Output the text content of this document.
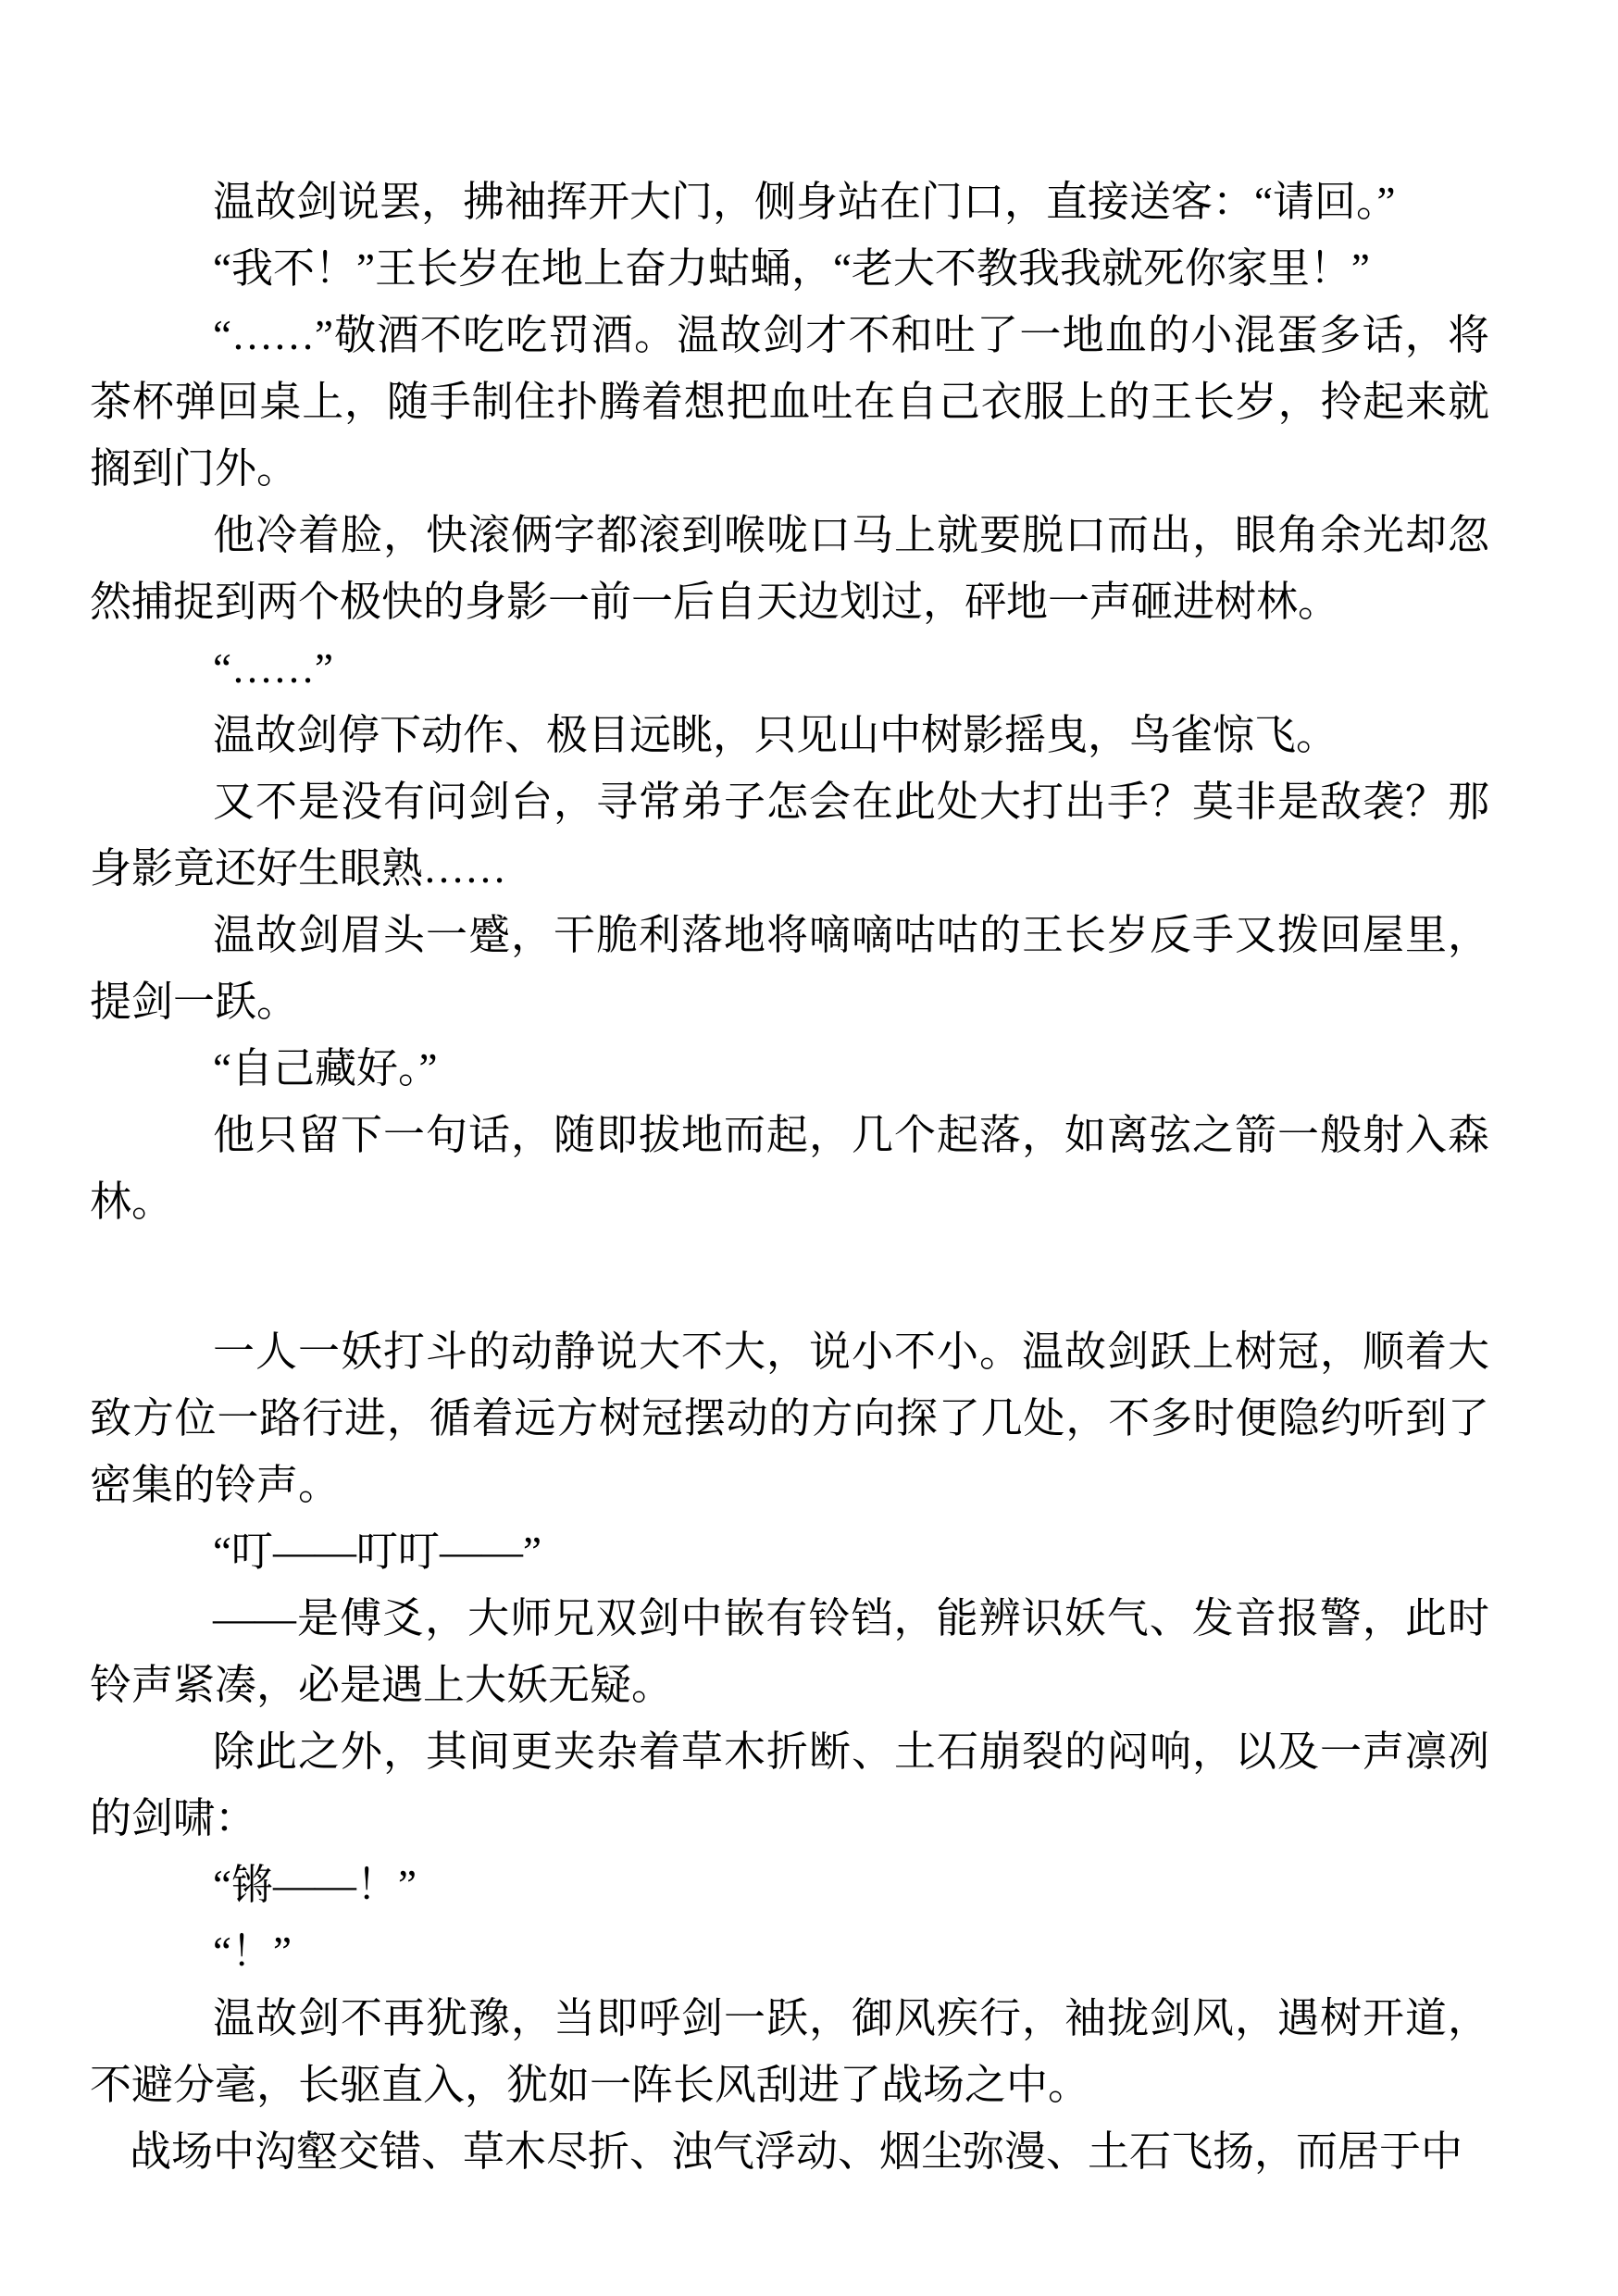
温故剑说罢，拂袖挥开大门，侧身站在门口，直接送客：“请回。”

“我不！”王长岁在地上奋力蛄蛹，“老大不教我我就死你家里！”

“……”敬酒不吃吃罚酒。温故剑才不和吐了一地血的小混蛋多话，将茶杯弹回桌上，随手制住扑腾着想把血吐在自己衣服上的王长岁，拎起来就搁到门外。

他冷着脸，快滚俩字都滚到喉咙口马上就要脱口而出，眼角余光却忽然捕捉到两个极快的身影一前一后自天边划过，砰地一声砸进树林。

“……”

温故剑停下动作、极目远眺，只见山中树影摇曳，鸟雀惊飞。

又不是没有问剑台，寻常弟子怎会在此处大打出手？莫非是敌袭？那身影竟还好生眼熟……

温故剑眉头一蹙，干脆利落地将嘀嘀咕咕的王长岁反手又拨回屋里，提剑一跃。

“自己藏好。”

他只留下一句话，随即拔地而起，几个起落，如离弦之箭一般射入森林。

一人一妖打斗的动静说大不大，说小不小。温故剑跃上树冠，顺着大致方位一路行进，循着远方树冠摆动的方向探了几处，不多时便隐约听到了密集的铃声。

“叮——叮叮——”

——是傅爻，大师兄双剑中嵌有铃铛，能辨识妖气、发音报警，此时铃声紧凑，必是遇上大妖无疑。

除此之外，其间更夹杂着草木折断、土石崩裂的闷响，以及一声凛冽的剑啸：

“锵——！”

“！”

温故剑不再犹豫，当即呼剑一跃，御风疾行，袖拢剑风，遇树开道，不避分毫，长驱直入，犹如一阵长风刮进了战场之中。

战场中沟壑交错、草木尽折、浊气浮动、烟尘弥漫、土石飞扬，而居于中
